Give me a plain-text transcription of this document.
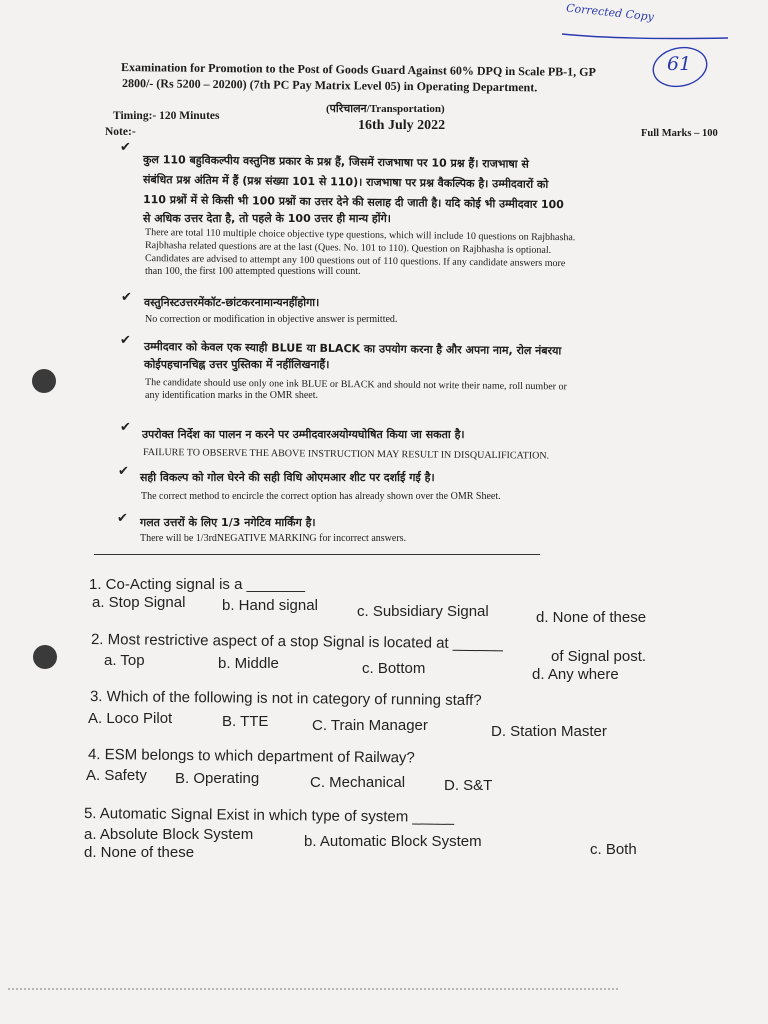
Corrected Copy
61
Examination for Promotion to the Post of Goods Guard Against 60% DPQ in Scale PB-1, GP
2800/- (Rs 5200 – 20200) (7th PC Pay Matrix Level 05) in Operating Department.
(परिचालन/Transportation)
Timing:- 120 Minutes
16th July 2022
Note:-	Full Marks – 100
✔
कुल 110 बहुविकल्पीय वस्तुनिष्ठ प्रकार के प्रश्न हैं, जिसमें राजभाषा पर 10 प्रश्न हैं। राजभाषा से
संबंधित प्रश्न अंतिम में हैं (प्रश्न संख्या 101 से 110)। राजभाषा पर प्रश्न वैकल्पिक है। उम्मीदवारों को
110 प्रश्नों में से किसी भी 100 प्रश्नों का उत्तर देने की सलाह दी जाती है। यदि कोई भी उम्मीदवार 100
से अधिक उत्तर देता है, तो पहले के 100 उत्तर ही मान्य होंगे।
There are total 110 multiple choice objective type questions, which will include 10 questions on Rajbhasha.
Rajbhasha related questions are at the last (Ques. No. 101 to 110). Question on Rajbhasha is optional.
Candidates are advised to attempt any 100 questions out of 110 questions. If any candidate answers more
than 100, the first 100 attempted questions will count.
✔ वस्तुनिस्टउत्तरमेंकॉट-छांटकरनामान्यनहींहोगा।
No correction or modification in objective answer is permitted.
✔ उम्मीदवार को केवल एक स्याही BLUE या BLACK का उपयोग करना है और अपना नाम, रोल नंबरया
कोईपहचानचिह्न उत्तर पुस्तिका में नहींलिखनाहैं।
The candidate should use only one ink BLUE or BLACK and should not write their name, roll number or
any identification marks in the OMR sheet.
✔ उपरोक्त निर्देश का पालन न करने पर उम्मीदवारअयोग्यघोषित किया जा सकता है।
FAILURE TO OBSERVE THE ABOVE INSTRUCTION MAY RESULT IN DISQUALIFICATION.
✔ सही विकल्प को गोल घेरने की सही विधि ओएमआर शीट पर दर्शाई गई है।
The correct method to encircle the correct option has already shown over the OMR Sheet.
✔ गलत उत्तरों के लिए 1/3 नगेटिव मार्किंग है।
There will be 1/3rdNEGATIVE MARKING for incorrect answers.
1. Co-Acting signal is a _______
a. Stop Signal b. Hand signal	c. Subsidiary Signal	d. None of these
2. Most restrictive aspect of a stop Signal is located at ______
of Signal post.
a. Top	b. Middle	c. Bottom	d. Any where
3. Which of the following is not in category of running staff?
A. Loco Pilot	B. TTE	C. Train Manager	D. Station Master
4. ESM belongs to which department of Railway?
A. Safety B. Operating	C. Mechanical	D. S&T
5. Automatic Signal Exist in which type of system _____
a. Absolute Block System	b. Automatic Block System	c. Both
d. None of these
